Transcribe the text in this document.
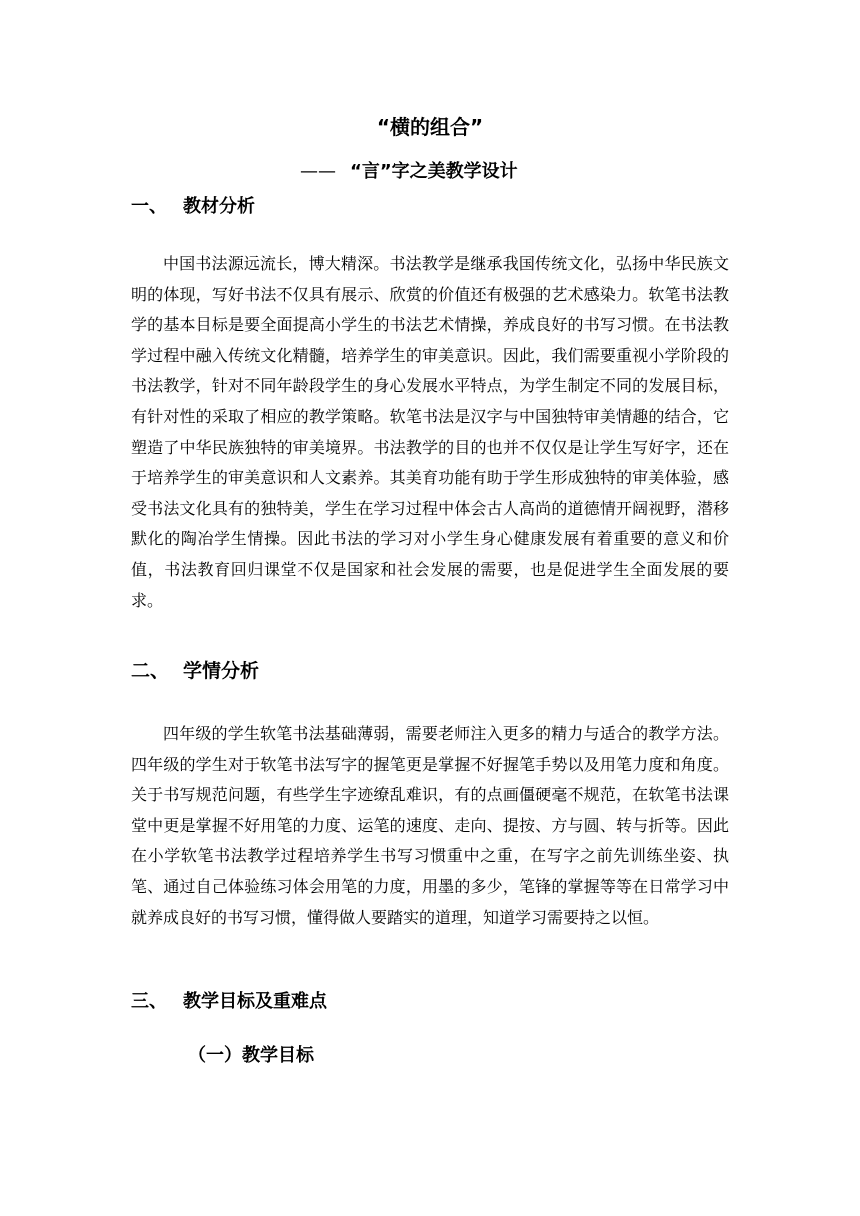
“横的组合”
—— “言”字之美教学设计
一、 教材分析

中国书法源远流长，博大精深。书法教学是继承我国传统文化，弘扬中华民族文明的体现，写好书法不仅具有展示、欣赏的价值还有极强的艺术感染力。软笔书法教学的基本目标是要全面提高小学生的书法艺术情操，养成良好的书写习惯。在书法教学过程中融入传统文化精髓，培养学生的审美意识。因此，我们需要重视小学阶段的书法教学，针对不同年龄段学生的身心发展水平特点，为学生制定不同的发展目标，有针对性的采取了相应的教学策略。软笔书法是汉字与中国独特审美情趣的结合，它塑造了中华民族独特的审美境界。书法教学的目的也并不仅仅是让学生写好字，还在于培养学生的审美意识和人文素养。其美育功能有助于学生形成独特的审美体验，感受书法文化具有的独特美，学生在学习过程中体会古人高尚的道德情开阔视野，潜移默化的陶冶学生情操。因此书法的学习对小学生身心健康发展有着重要的意义和价值，书法教育回归课堂不仅是国家和社会发展的需要，也是促进学生全面发展的要求。

二、 学情分析

四年级的学生软笔书法基础薄弱，需要老师注入更多的精力与适合的教学方法。四年级的学生对于软笔书法写字的握笔更是掌握不好握笔手势以及用笔力度和角度。关于书写规范问题，有些学生字迹缭乱难识，有的点画僵硬毫不规范，在软笔书法课堂中更是掌握不好用笔的力度、运笔的速度、走向、提按、方与圆、转与折等。因此在小学软笔书法教学过程培养学生书写习惯重中之重，在写字之前先训练坐姿、执笔、通过自己体验练习体会用笔的力度，用墨的多少，笔锋的掌握等等在日常学习中就养成良好的书写习惯，懂得做人要踏实的道理，知道学习需要持之以恒。

三、 教学目标及重难点
（一）教学目标
